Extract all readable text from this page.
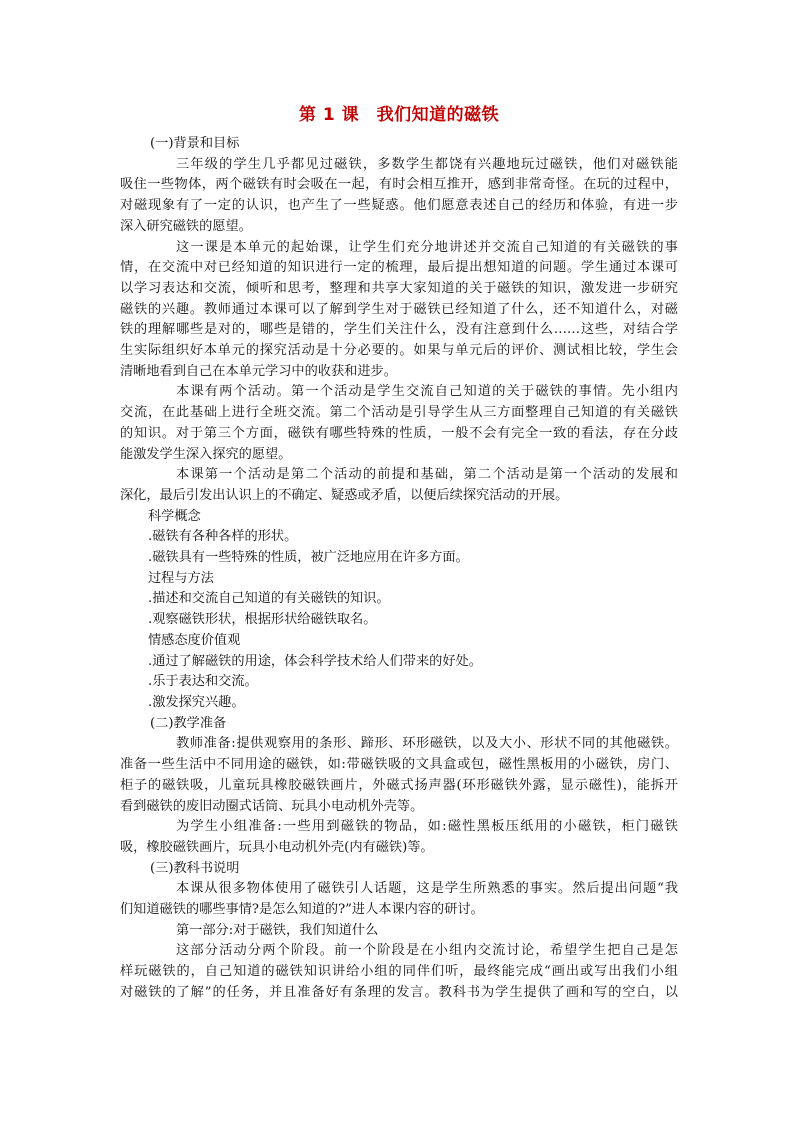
第 1 课　我们知道的磁铁
(一)背景和目标
三年级的学生几乎都见过磁铁，多数学生都饶有兴趣地玩过磁铁，他们对磁铁能
吸住一些物体，两个磁铁有时会吸在一起，有时会相互推开，感到非常奇怪。在玩的过程中，
对磁现象有了一定的认识，也产生了一些疑惑。他们愿意表述自己的经历和体验，有进一步
深入研究磁铁的愿望。
这一课是本单元的起始课，让学生们充分地讲述并交流自己知道的有关磁铁的事
情，在交流中对已经知道的知识进行一定的梳理，最后提出想知道的问题。学生通过本课可
以学习表达和交流，倾听和思考，整理和共享大家知道的关于磁铁的知识，激发进一步研究
磁铁的兴趣。教师通过本课可以了解到学生对于磁铁已经知道了什么，还不知道什么，对磁
铁的理解哪些是对的，哪些是错的，学生们关注什么，没有注意到什么……这些，对结合学
生实际组织好本单元的探究活动是十分必要的。如果与单元后的评价、测试相比较，学生会
清晰地看到自己在本单元学习中的收获和进步。
本课有两个活动。第一个活动是学生交流自己知道的关于磁铁的事情。先小组内
交流，在此基础上进行全班交流。第二个活动是引导学生从三方面整理自己知道的有关磁铁
的知识。对于第三个方面，磁铁有哪些特殊的性质，一般不会有完全一致的看法，存在分歧
能激发学生深入探究的愿望。
本课第一个活动是第二个活动的前提和基础，第二个活动是第一个活动的发展和
深化，最后引发出认识上的不确定、疑惑或矛盾，以便后续探究活动的开展。
科学概念
.磁铁有各种各样的形状。
.磁铁具有一些特殊的性质，被广泛地应用在许多方面。
过程与方法
.描述和交流自己知道的有关磁铁的知识。
.观察磁铁形状，根据形状给磁铁取名。
情感态度价值观
.通过了解磁铁的用途，体会科学技术给人们带来的好处。
.乐于表达和交流。
.激发探究兴趣。
(二)教学准备
教师准备:提供观察用的条形、蹄形、环形磁铁，以及大小、形状不同的其他磁铁。
准备一些生活中不同用途的磁铁，如:带磁铁吸的文具盒或包，磁性黑板用的小磁铁，房门、
柜子的磁铁吸，儿童玩具橡胶磁铁画片，外磁式扬声器(环形磁铁外露，显示磁性)，能拆开
看到磁铁的废旧动圈式话筒、玩具小电动机外壳等。
为学生小组准备:一些用到磁铁的物品，如:磁性黑板压纸用的小磁铁，柜门磁铁
吸，橡胶磁铁画片，玩具小电动机外壳(内有磁铁)等。
(三)教科书说明
本课从很多物体使用了磁铁引人话题，这是学生所熟悉的事实。然后提出问题“我
们知道磁铁的哪些事情?是怎么知道的?”进人本课内容的研讨。
第一部分:对于磁铁，我们知道什么
这部分活动分两个阶段。前一个阶段是在小组内交流讨论，希望学生把自己是怎
样玩磁铁的，自己知道的磁铁知识讲给小组的同伴们听，最终能完成“画出或写出我们小组
对磁铁的了解”的任务，并且准备好有条理的发言。教科书为学生提供了画和写的空白，以
